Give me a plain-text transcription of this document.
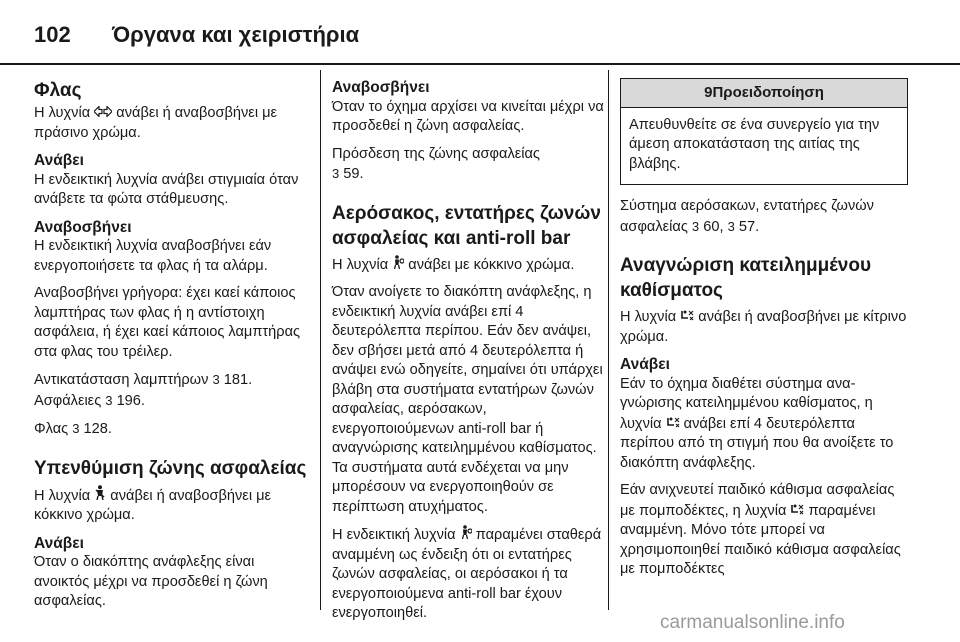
102 Όργανα και χειριστήρια
Φλας

Η λυχνία  ανάβει ή αναβοσβήνει με πράσινο χρώμα.

Ανάβει

Η ενδεικτική λυχνία ανάβει στιγμιαία όταν ανάβετε τα φώτα στάθμευσης.

Αναβοσβήνει

Η ενδεικτική λυχνία αναβοσβήνει εάν ενεργοποιήσετε τα φλας ή τα αλάρμ.

Αναβοσβήνει γρήγορα: έχει καεί κάποιος λαμπτήρας των φλας ή η αντίστοιχη ασφάλεια, ή έχει καεί κάποιος λαμπτήρας στα φλας του τρέιλερ.

Αντικατάσταση λαμπτήρων 3 181.
Ασφάλειες 3 196.

Φλας 3 128.

Υπενθύμιση ζώνης ασφαλείας

Η λυχνία  ανάβει ή αναβοσβήνει με κόκκινο χρώμα.

Ανάβει

Όταν ο διακόπτης ανάφλεξης είναι ανοικτός μέχρι να προσδεθεί η ζώνη ασφαλείας.

Αναβοσβήνει

Όταν το όχημα αρχίσει να κινείται μέχρι να προσδεθεί η ζώνη ασφαλείας.

Πρόσδεση της ζώνης ασφαλείας
3 59.

Αερόσακος, εντατήρες ζωνών ασφαλείας και anti-roll bar

Η λυχνία  ανάβει με κόκκινο χρώμα.

Όταν ανοίγετε το διακόπτη ανάφλεξης, η ενδεικτική λυχνία ανάβει επί 4 δευτερόλεπτα περίπου. Εάν δεν ανάψει, δεν σβήσει μετά από 4 δευτερόλεπτα ή ανάψει ενώ οδηγείτε, σημαίνει ότι υπάρχει βλάβη στα συστήματα εντατήρων ζωνών ασφαλείας, αερόσακων, ενεργοποιούμενων anti-roll bar ή αναγνώρισης κατειλημμένου καθίσματος. Τα συστήματα αυτά ενδέχεται να μην μπορέσουν να ενεργοποιηθούν σε περίπτωση ατυχήματος.

Η ενδεικτική λυχνία  παραμένει σταθερά αναμμένη ως ένδειξη ότι οι εντατήρες ζωνών ασφαλείας, οι αερόσακοι ή τα ενεργοποιούμενα anti-roll bar έχουν ενεργοποιηθεί.

9Προειδοποίηση
Απευθυνθείτε σε ένα συνεργείο για την άμεση αποκατάσταση της αιτίας της βλάβης.

Σύστημα αερόσακων, εντατήρες ζωνών ασφαλείας 3 60, 3 57.

Αναγνώριση κατειλημμένου καθίσματος

Η λυχνία  ανάβει ή αναβοσβήνει με κίτρινο χρώμα.

Ανάβει

Εάν το όχημα διαθέτει σύστημα αναγνώρισης κατειλημμένου καθίσματος, η λυχνία  ανάβει επί 4 δευτερόλεπτα περίπου από τη στιγμή που θα ανοίξετε το διακόπτη ανάφλεξης.

Εάν ανιχνευτεί παιδικό κάθισμα ασφαλείας με πομποδέκτες, η λυχνία  παραμένει αναμμένη. Μόνο τότε μπορεί να χρησιμοποιηθεί παιδικό κάθισμα ασφαλείας με πομποδέκτες

carmanualsonline.info
